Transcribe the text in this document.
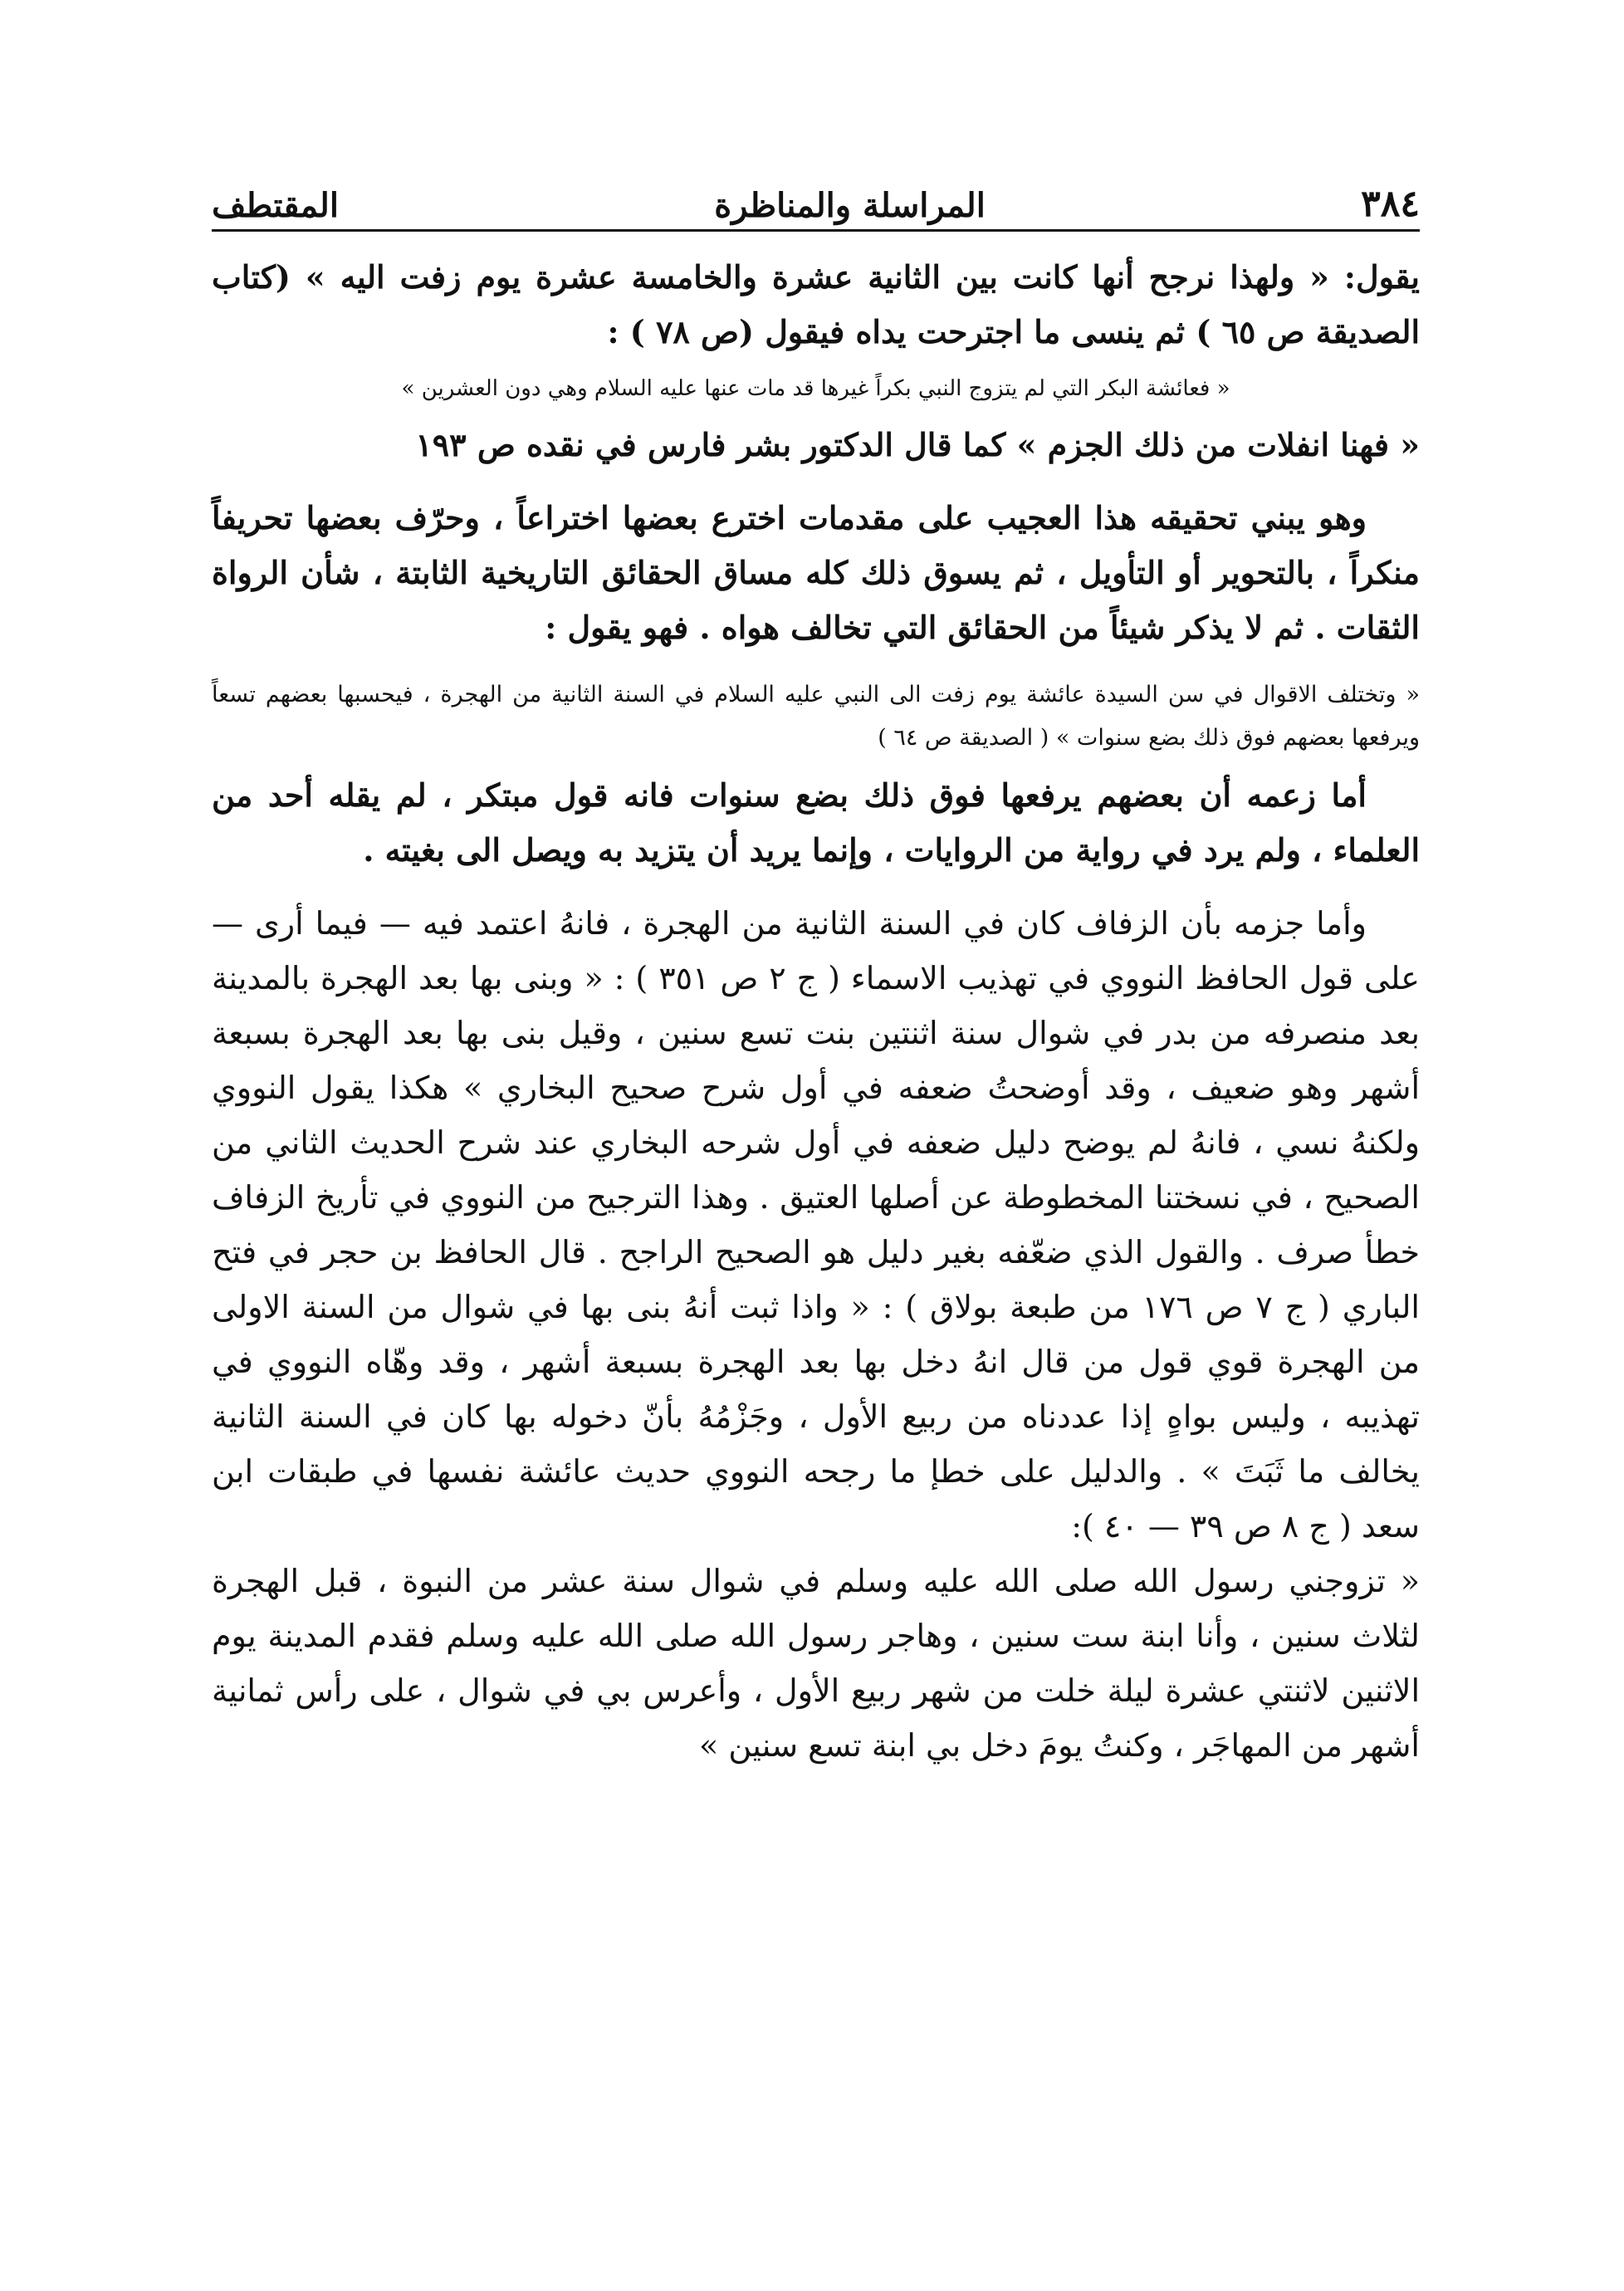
٣٨٤
المراسلة والمناظرة
المقتطف

يقول: « ولهذا نرجح أنها كانت بين الثانية عشرة والخامسة عشرة يوم زفت اليه » (كتاب الصديقة ص ٦٥ ) ثم ينسى ما اجترحت يداه فيقول (ص ٧٨ ) :

« فعائشة البكر التي لم يتزوج النبي بكراً غيرها قد مات عنها عليه السلام وهي دون العشرين »

« فهنا انفلات من ذلك الجزم » كما قال الدكتور بشر فارس في نقده ص ١٩٣

وهو يبني تحقيقه هذا العجيب على مقدمات اخترع بعضها اختراعاً ، وحرّف بعضها تحريفاً منكراً ، بالتحوير أو التأويل ، ثم يسوق ذلك كله مساق الحقائق التاريخية الثابتة ، شأن الرواة الثقات . ثم لا يذكر شيئاً من الحقائق التي تخالف هواه . فهو يقول :

« وتختلف الاقوال في سن السيدة عائشة يوم زفت الى النبي عليه السلام في السنة الثانية من الهجرة ، فيحسبها بعضهم تسعاً ويرفعها بعضهم فوق ذلك بضع سنوات » ( الصديقة ص ٦٤ )

أما زعمه أن بعضهم يرفعها فوق ذلك بضع سنوات فانه قول مبتكر ، لم يقله أحد من العلماء ، ولم يرد في رواية من الروايات ، وإنما يريد أن يتزيد به ويصل الى بغيته .

وأما جزمه بأن الزفاف كان في السنة الثانية من الهجرة ، فانهُ اعتمد فيه — فيما أرى — على قول الحافظ النووي في تهذيب الاسماء ( ج ٢ ص ٣٥١ ) : « وبنى بها بعد الهجرة بالمدينة بعد منصرفه من بدر في شوال سنة اثنتين بنت تسع سنين ، وقيل بنى بها بعد الهجرة بسبعة أشهر وهو ضعيف ، وقد أوضحتُ ضعفه في أول شرح صحيح البخاري » هكذا يقول النووي ولكنهُ نسي ، فانهُ لم يوضح دليل ضعفه في أول شرحه البخاري عند شرح الحديث الثاني من الصحيح ، في نسختنا المخطوطة عن أصلها العتيق . وهذا الترجيح من النووي في تأريخ الزفاف خطأ صرف . والقول الذي ضعّفه بغير دليل هو الصحيح الراجح . قال الحافظ بن حجر في فتح الباري ( ج ٧ ص ١٧٦ من طبعة بولاق ) : « واذا ثبت أنهُ بنى بها في شوال من السنة الاولى من الهجرة قوي قول من قال انهُ دخل بها بعد الهجرة بسبعة أشهر ، وقد وهّاه النووي في تهذيبه ، وليس بواهٍ إذا عددناه من ربيع الأول ، وجَزْمُهُ بأنّ دخوله بها كان في السنة الثانية يخالف ما ثَبَتَ » . والدليل على خطإ ما رجحه النووي حديث عائشة نفسها في طبقات ابن سعد ( ج ٨ ص ٣٩ — ٤٠ ):

« تزوجني رسول الله صلى الله عليه وسلم في شوال سنة عشر من النبوة ، قبل الهجرة لثلاث سنين ، وأنا ابنة ست سنين ، وهاجر رسول الله صلى الله عليه وسلم فقدم المدينة يوم الاثنين لاثنتي عشرة ليلة خلت من شهر ربيع الأول ، وأعرس بي في شوال ، على رأس ثمانية أشهر من المهاجَر ، وكنتُ يومَ دخل بي ابنة تسع سنين »
